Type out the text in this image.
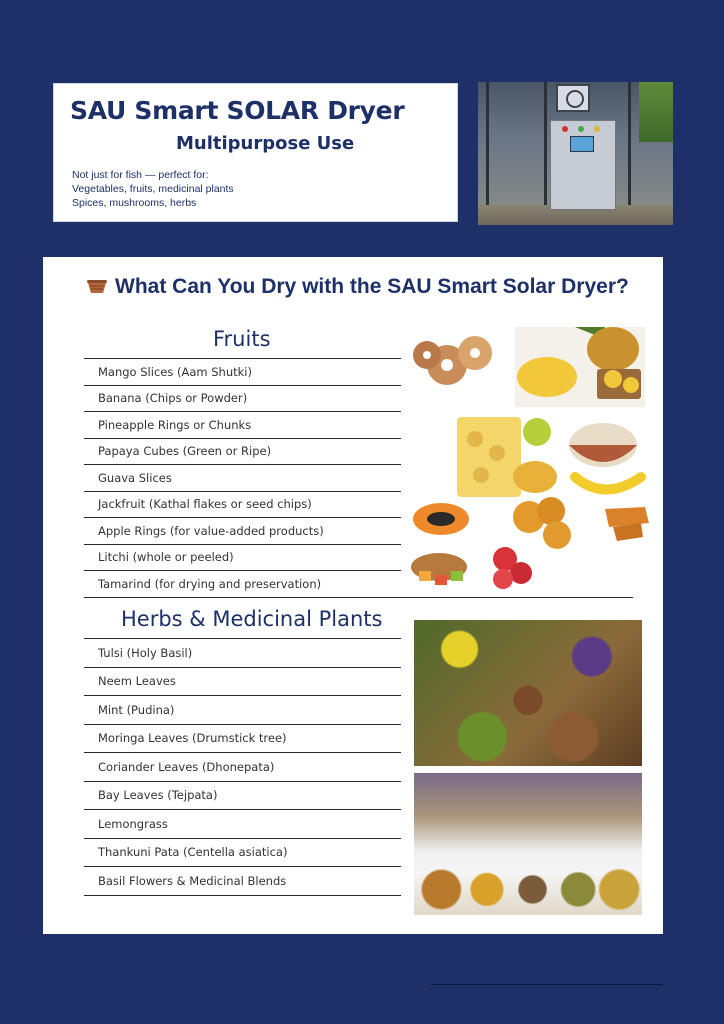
SAU Smart SOLAR Dryer
Multipurpose Use
Not just for fish — perfect for:
Vegetables, fruits, medicinal plants
Spices, mushrooms, herbs
What Can You Dry with the SAU Smart Solar Dryer?
Fruits
Mango Slices (Aam Shutki)
Banana (Chips or Powder)
Pineapple Rings or Chunks
Papaya Cubes (Green or Ripe)
Guava Slices
Jackfruit (Kathal flakes or seed chips)
Apple Rings (for value-added products)
Litchi (whole or peeled)
Tamarind (for drying and preservation)
Herbs & Medicinal Plants
Tulsi (Holy Basil)
Neem Leaves
Mint (Pudina)
Moringa Leaves (Drumstick tree)
Coriander Leaves (Dhonepata)
Bay Leaves (Tejpata)
Lemongrass
Thankuni Pata (Centella asiatica)
Basil Flowers & Medicinal Blends
